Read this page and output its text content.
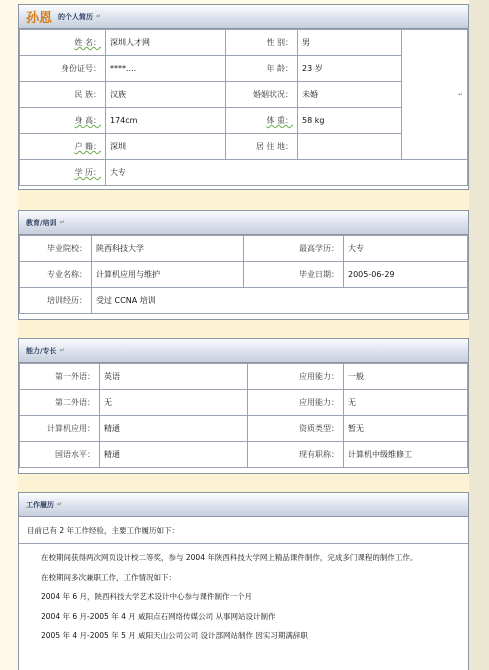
孙恩 的个人简历 ↵
姓 名：	深圳人才网	性 别：	男	↵
身份证号：	****....	年 龄：	23 岁	
民 族：	汉族	婚姻状况：	未婚	
身 高：	174cm	体 重：	58 kg	
户 籍：	深圳	居 住 地：		
学 历：	大专			
教育/培训 ↵
毕业院校：	陕西科技大学	最高学历：	大专
专业名称：	计算机应用与维护	毕业日期：	2005-06-29
培训经历：	受过 CCNA 培训		
能力/专长 ↵
第一外语：	英语	应用能力：	一般
第二外语：	无	应用能力：	无
计算机应用：	精通	资质类型：	暂无
国语水平：	精通	现有职称：	计算机中级维修工
工作履历 ↵
目前已有 2 年工作经验，主要工作履历如下：
在校期间获得两次网页设计校二等奖，参与 2004 年陕西科技大学网上精品课件制作，完成多门课程的制作工作。
在校期间多次兼职工作，工作情况如下：
2004 年 6 月，陕西科技大学艺术设计中心参与课件制作一个月
2004 年 6 月-2005 年 4 月 咸阳点石网络传媒公司 从事网站设计制作
2005 年 4 月-2005 年 5 月 咸阳天山公司公司 设计部网站制作 因实习期满辞职
